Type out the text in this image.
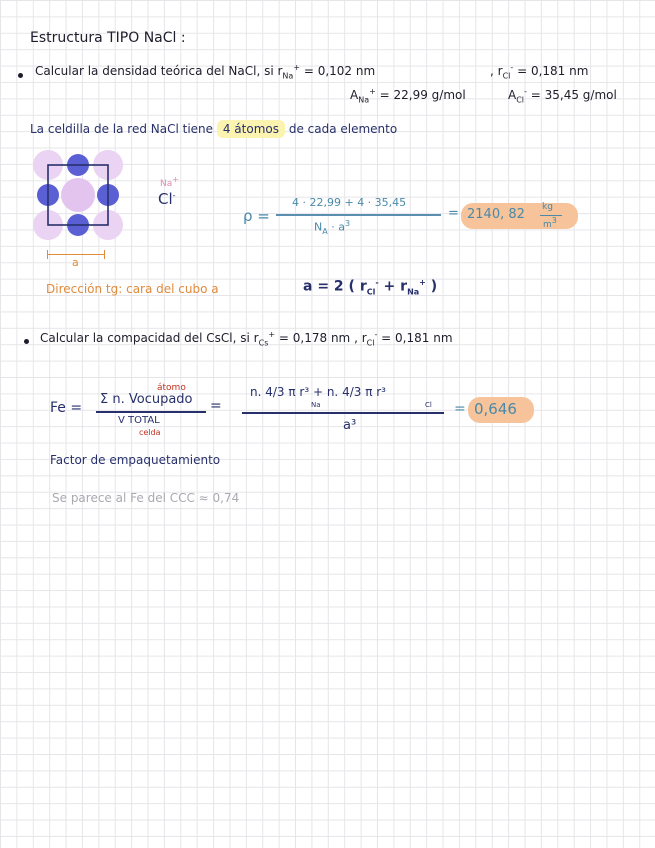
Estructura TIPO NaCl :
Calcular la densidad teórica del NaCl, si $r_{Na}^+ = 0,102$ nm	, $r_{Cl}^- = 0,181$ nm
$A_{Na}^+ = 22,99$ g/mol	$A_{Cl}^- = 35,45$ g/mol
La celdilla de la red NaCl tiene 4 átomos de cada elemento
a
Na+
Cl-
ρ =
4 · 22,99 + 4 · 35,45
$N_A \cdot a^3$
= 2140, 82 kg
$m^3$
Dirección tg: cara del cubo a	a = 2 ( $r_{Cl}^- + r_{Na}^+$ )
Calcular la compacidad del CsCl, si $r_{Cs}^+ = 0,178$ nm , $r_{Cl}^- = 0,181$ nm
Fe =
átomo
Σ n. Vocupado
V TOTAL
celda
=
n. 4/3 π r³ + n. 4/3 π r³
Na	Cl
a³
= 0,646
Factor de empaquetamiento
Se parece al Fe del CCC ≈ 0,74
